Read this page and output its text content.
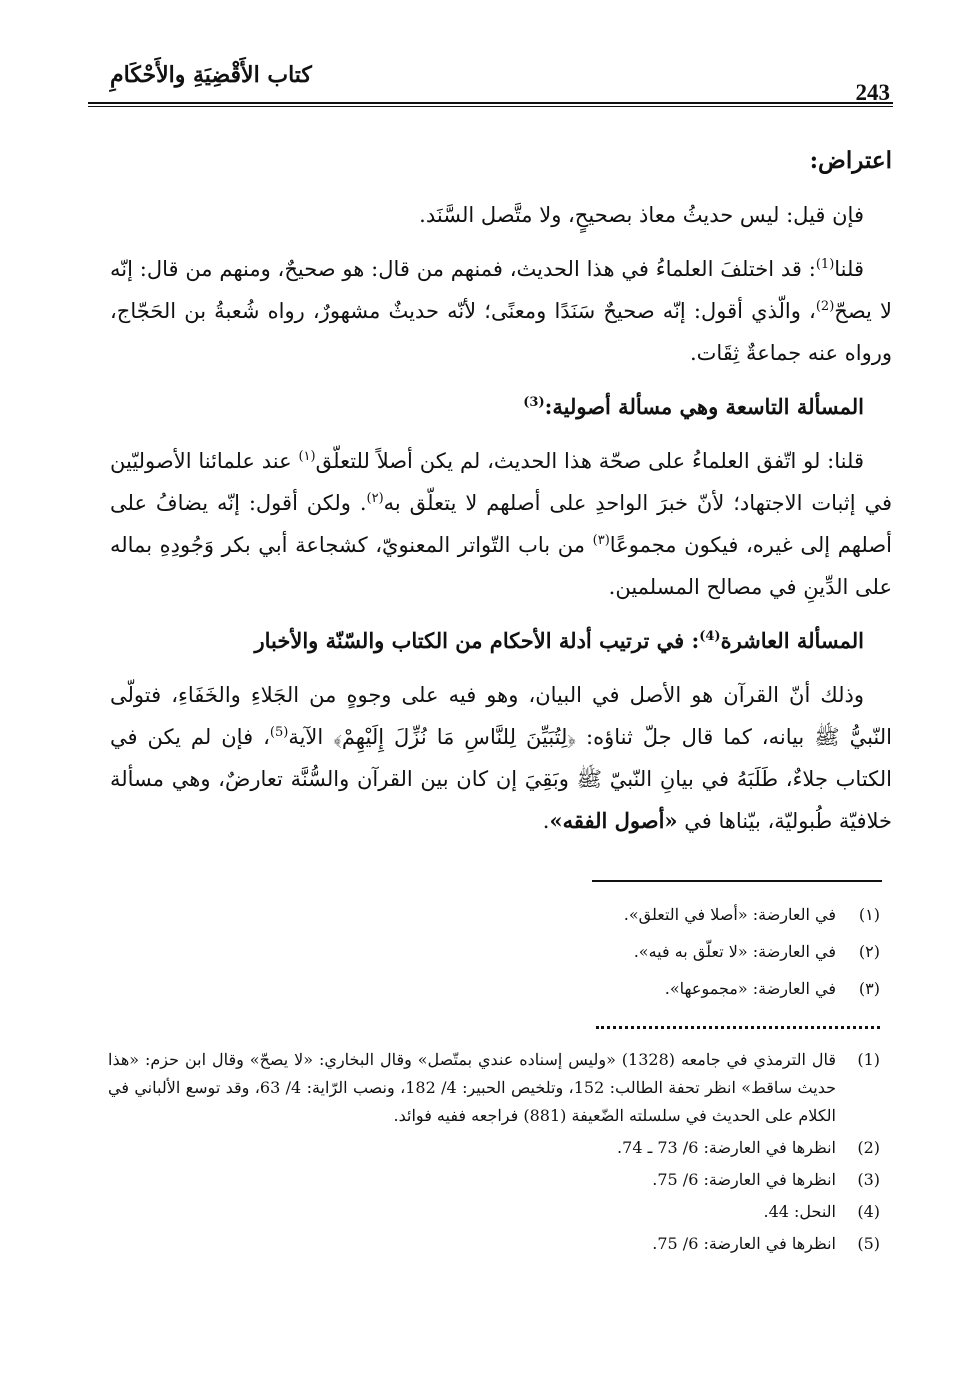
كتاب الأَقْضِيَةِ والأَحْكَامِ
243

اعتراض:

فإن قيل: ليس حديثُ معاذ بصحيحٍ، ولا متَّصل السَّنَد.

قلنا$^{(1)}$: قد اختلفَ العلماءُ في هذا الحديث، فمنهم من قال: هو صحيحٌ، ومنهم من قال: إنّه لا يصحّ$^{(2)}$، والّذي أقول: إنّه صحيحٌ سَنَدًا ومعنًى؛ لأنّه حديثٌ مشهورٌ، رواه شُعبةُ بن الحَجّاج، ورواه عنه جماعةٌ ثِقَات.

المسألة التاسعة وهي مسألة أصولية:$^{(3)}$

قلنا: لو اتّفق العلماءُ على صحّة هذا الحديث، لم يكن أصلاً للتعلّق$^{(١)}$ عند علمائنا الأصوليّين في إثبات الاجتهاد؛ لأنّ خبرَ الواحدِ على أصلهم لا يتعلّق به$^{(٢)}$. ولكن أقول: إنّه يضافُ على أصلهم إلى غيره، فيكون مجموعًا$^{(٣)}$ من باب التّواتر المعنويّ، كشجاعة أبي بكر وَجُودِهِ بماله على الدِّينِ في مصالح المسلمين.

المسألة العاشرة$^{(4)}$: في ترتيب أدلة الأحكام من الكتاب والسّنّة والأخبار

وذلك أنّ القرآن هو الأصل في البيان، وهو فيه على وجوهٍ من الجَلاءِ والخَفَاءِ، فتولّى النّبيُّ ﷺ بيانه، كما قال جلّ ثناؤه: ﴿لِتُبَيِّنَ لِلنَّاسِ مَا نُزِّلَ إِلَيْهِمْ﴾ الآية$^{(5)}$، فإن لم يكن في الكتاب جلاءٌ، طَلَبَهُ في بيانِ النّبيّ ﷺ وبَقِيَ إن كان بين القرآن والسُّنَّة تعارضٌ، وهي مسألة خلافيّة طُبوليّة، بيّناها في «أصول الفقه».

(١)
في العارضة: «أصلا في التعلق».
(٢)
في العارضة: «لا تعلّق به فيه».
(٣)
في العارضة: «مجموعها».
(1)
قال الترمذي في جامعه (1328) «وليس إسناده عندي بمتّصل» وقال البخاري: «لا يصحّ» وقال ابن حزم: «هذا حديث ساقط» انظر تحفة الطالب: 152، وتلخيص الحبير: 4/ 182، ونصب الرّاية: 4/ 63، وقد توسع الألباني في الكلام على الحديث في سلسلته الضّعيفة (881) فراجعه ففيه فوائد.
(2)
انظرها في العارضة: 6/ 73 ـ 74.
(3)
انظرها في العارضة: 6/ 75.
(4)
النحل: 44.
(5)
انظرها في العارضة: 6/ 75.
